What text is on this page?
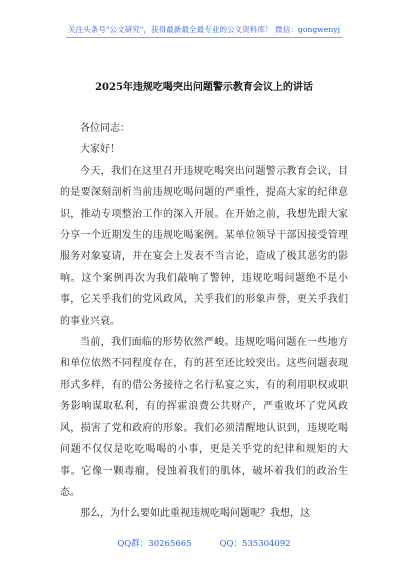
关注头条号"公文研究"，获得最新最全最专业的公文资料库！ 微信：gongwenyj
2025年违规吃喝突出问题警示教育会议上的讲话

各位同志：

大家好！

今天，我们在这里召开违规吃喝突出问题警示教育会议，目的是要深刻剖析当前违规吃喝问题的严重性，提高大家的纪律意识，推动专项整治工作的深入开展。在开始之前，我想先跟大家分享一个近期发生的违规吃喝案例。某单位领导干部因接受管理服务对象宴请，并在宴会上发表不当言论，造成了极其恶劣的影响。这个案例再次为我们敲响了警钟，违规吃喝问题绝不是小事，它关乎我们的党风政风，关乎我们的形象声誉，更关乎我们的事业兴衰。

当前，我们面临的形势依然严峻。违规吃喝问题在一些地方和单位依然不同程度存在，有的甚至还比较突出。这些问题表现形式多样，有的借公务接待之名行私宴之实，有的利用职权或职务影响谋取私利，有的挥霍浪费公共财产，严重败坏了党风政风，损害了党和政府的形象。我们必须清醒地认识到，违规吃喝问题不仅仅是吃吃喝喝的小事，更是关乎党的纪律和规矩的大事。它像一颗毒瘤，侵蚀着我们的肌体，破坏着我们的政治生态。

那么，为什么要如此重视违规吃喝问题呢？我想，这

QQ群：30265665	QQ：535304092
